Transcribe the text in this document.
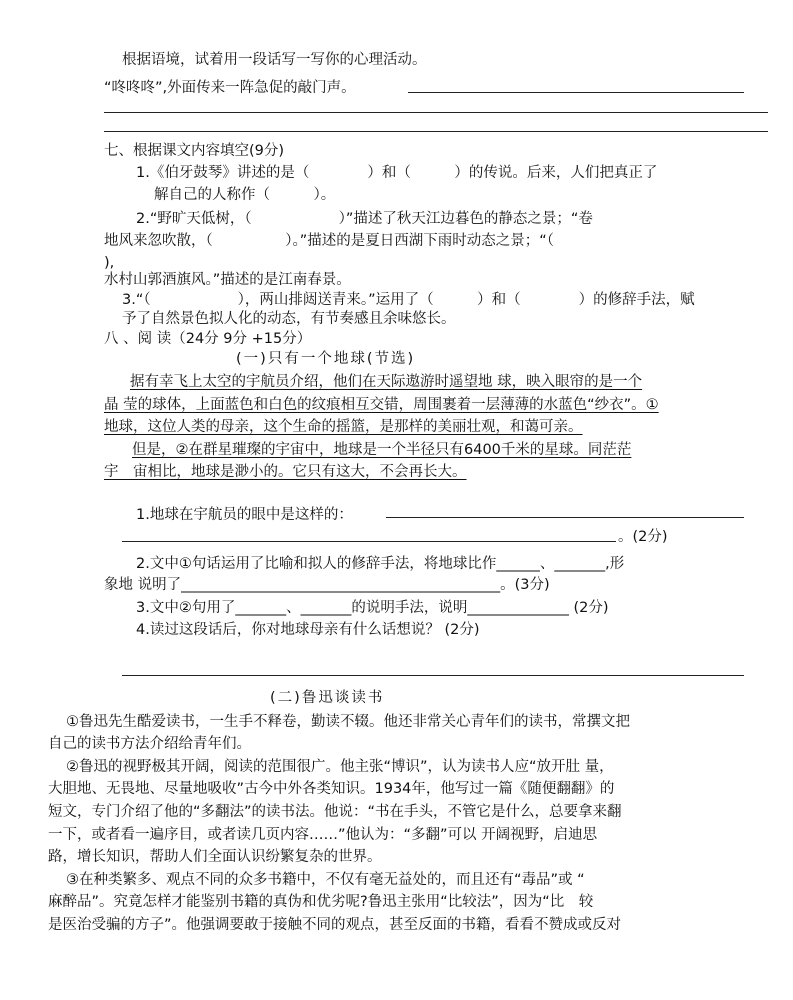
根据语境，试着用一段话写一写你的心理活动。
“咚咚咚”,外面传来一阵急促的敲门声。
七、根据课文内容填空(9分)
1.《伯牙鼓琴》讲述的是（　　　　）和（　　　）的传说。后来，人们把真正了
解自己的人称作（　　　）。
2.“野旷天低树，（　　　　　　）”描述了秋天江边暮色的静态之景；“卷
地风来忽吹散，（　　　　　）。”描述的是夏日西湖下雨时动态之景；“（
),
水村山郭酒旗风。”描述的是江南春景。
3.“（　　　　　　），两山排闼送青来。”运用了（　　　）和（　　　　）的修辞手法，赋
予了自然景色拟人化的动态，有节奏感且余味悠长。
八 、阅 读（24分 9分 +15分）
(一)只有一个地球(节选)
据有幸飞上太空的宇航员介绍，他们在天际遨游时遥望地 球，映入眼帘的是一个
晶 莹的球体，上面蓝色和白色的纹痕相互交错，周围裹着一层薄薄的水蓝色“纱衣”。①
地球，这位人类的母亲，这个生命的摇篮，是那样的美丽壮观，和蔼可亲。
但是，②在群星璀璨的宇宙中，地球是一个半径只有6400千米的星球。同茫茫
宇　宙相比，地球是渺小的。它只有这大，不会再长大。
1.地球在宇航员的眼中是这样的：
。(2分)
2.文中①句话运用了比喻和拟人的修辞手法，将地球比作______、_______,形
象地 说明了____________________________________________。(3分)
3.文中②句用了_______、_______的说明手法，说明______________ (2分)
4.读过这段话后，你对地球母亲有什么话想说？ (2分)
(二)鲁迅谈读书
①鲁迅先生酷爱读书，一生手不释卷，勤读不辍。他还非常关心青年们的读书，常撰文把
自己的读书方法介绍给青年们。
②鲁迅的视野极其开阔，阅读的范围很广。他主张“博识”，认为读书人应“放开肚 量，
大胆地、无畏地、尽量地吸收”古今中外各类知识。1934年，他写过一篇《随便翻翻》的
短文，专门介绍了他的“多翻法”的读书法。他说：“书在手头，不管它是什么，总要拿来翻
一下，或者看一遍序目，或者读几页内容……”他认为：“多翻”可以 开阔视野，启迪思
路，增长知识，帮助人们全面认识纷繁复杂的世界。
③在种类繁多、观点不同的众多书籍中，不仅有毫无益处的，而且还有“毒品”或 “
麻醉品”。究竟怎样才能鉴别书籍的真伪和优劣呢?鲁迅主张用“比较法”，因为“比　较
是医治受骗的方子”。他强调要敢于接触不同的观点，甚至反面的书籍，看看不赞成或反对
